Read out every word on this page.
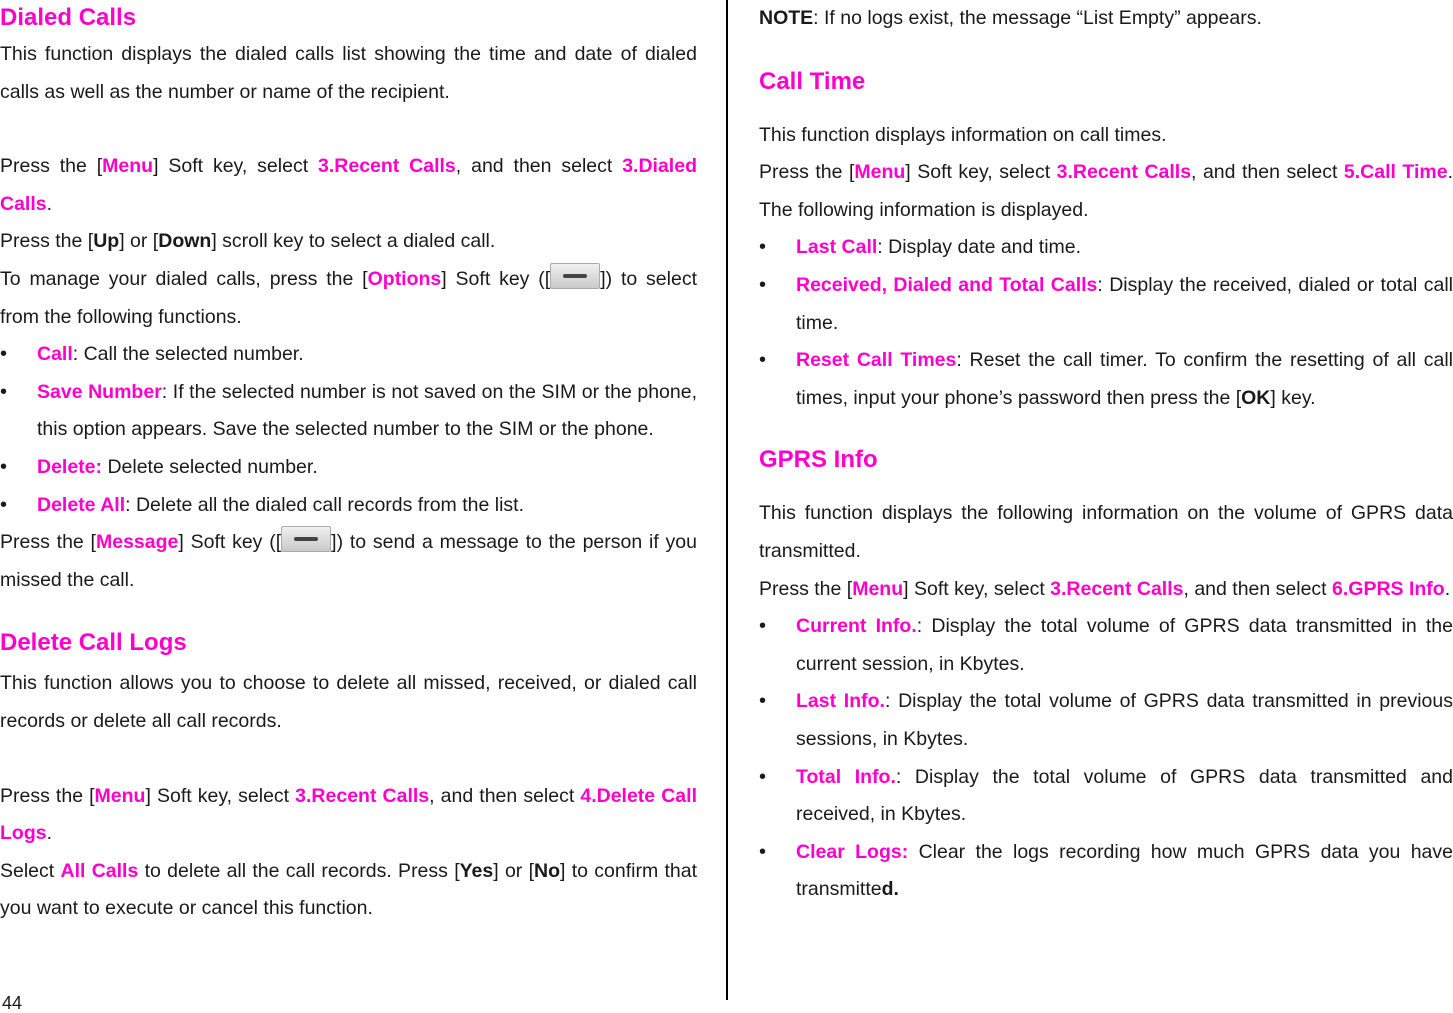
Dialed Calls

This function displays the dialed calls list showing the time and date of dialed calls as well as the number or name of the recipient.

Press the [Menu] Soft key, select 3.Recent Calls, and then select 3.Dialed Calls.

Press the [Up] or [Down] scroll key to select a dialed call.

To manage your dialed calls, press the [Options] Soft key ([	]) to select from the following functions.

• Call: Call the selected number.
• Save Number: If the selected number is not saved on the SIM or the phone, this option appears. Save the selected number to the SIM or the phone.
• Delete: Delete selected number.
• Delete All: Delete all the dialed call records from the list.

Press the [Message] Soft key ([	]) to send a message to the person if you missed the call.

Delete Call Logs

This function allows you to choose to delete all missed, received, or dialed call records or delete all call records.

Press the [Menu] Soft key, select 3.Recent Calls, and then select 4.Delete Call Logs.

Select All Calls to delete all the call records. Press [Yes] or [No] to confirm that you want to execute or cancel this function.

NOTE: If no logs exist, the message “List Empty” appears.

Call Time

This function displays information on call times.

Press the [Menu] Soft key, select 3.Recent Calls, and then select 5.Call Time. The following information is displayed.

• Last Call: Display date and time.
• Received, Dialed and Total Calls: Display the received, dialed or total call time.
• Reset Call Times: Reset the call timer. To confirm the resetting of all call times, input your phone’s password then press the [OK] key.
GPRS Info

This function displays the following information on the volume of GPRS data transmitted.

Press the [Menu] Soft key, select 3.Recent Calls, and then select 6.GPRS Info.

• Current Info.: Display the total volume of GPRS data transmitted in the current session, in Kbytes.
• Last Info.: Display the total volume of GPRS data transmitted in previous sessions, in Kbytes.
• Total Info.: Display the total volume of GPRS data transmitted and received, in Kbytes.
• Clear Logs: Clear the logs recording how much GPRS data you have transmitted.
44
